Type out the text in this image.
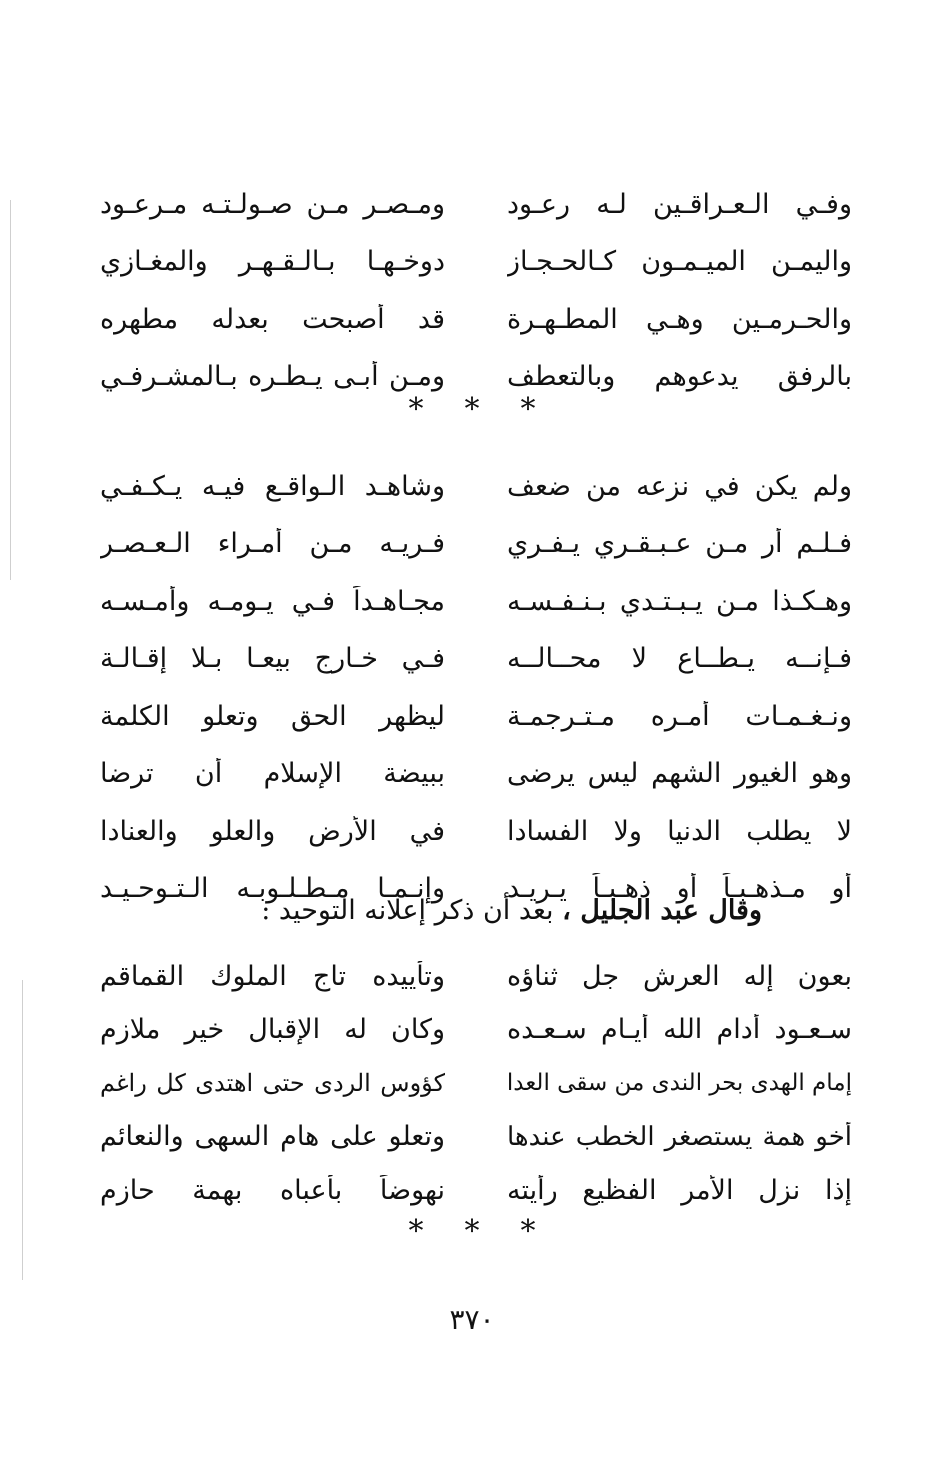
وفـي الـعـراقـين لـه رعـود
ومـصـر مـن صـولـتـه مـرعـود
واليمـن الميـمـون كـالحـجـاز
دوخـهـا بـالـقـهـر والمغـازي
والحـرمـين وهـي المطـهـرة
قد أصبحت بعدله مطهره
بالرفق يدعوهم وبالتعطف
ومـن أبـى يـطـره بـالمشـرفـي
* * *
ولم يكن في نزعه من ضعف
وشاهـد الـواقـع فيـه يـكـفـي
فـلـم أر مـن عـبـقـري يـفـري
فـريـه مـن أمـراء الـعـصـر
وهـكـذا مـن يـبـتـدي بـنـفـسـه
مجـاهـداً فـي يـومـه وأمـسـه
فـإنــه يـطــاع لا محــالــه
فـي خـارج بيعـا بـلا إقـالـة
ونـغـمـات أمـره مـتـرجمـة
ليظهر الحق وتعلو الكلمة
وهو الغيور الشهم ليس يرضى
ببيضة الإسلام أن ترضا
لا يطلب الدنيا ولا الفسادا
في الأرض والعلو والعنادا
أو مـذهـبـاً أو ذهـبـاً يـريـد
وإنـمـا مـطـلـوبـه الـتـوحـيـد
وقال عبد الجليل ، بعد أن ذكر إعلانه التوحيد :
بعون إله العرش جل ثناؤه
وتأييده تاج الملوك القماقم
سـعـود أدام الله أيـام سـعـده
وكان له الإقبال خير ملازم
إمام الهدى بحر الندى من سقى العدا
كؤوس الردى حتى اهتدى كل راغم
أخو همة يستصغر الخطب عندها
وتعلو على هام السهى والنعائم
إذا نزل الأمر الفظيع رأيته
نهوضاً بأعباه بهمة حازم
* * *
٣٧٠
